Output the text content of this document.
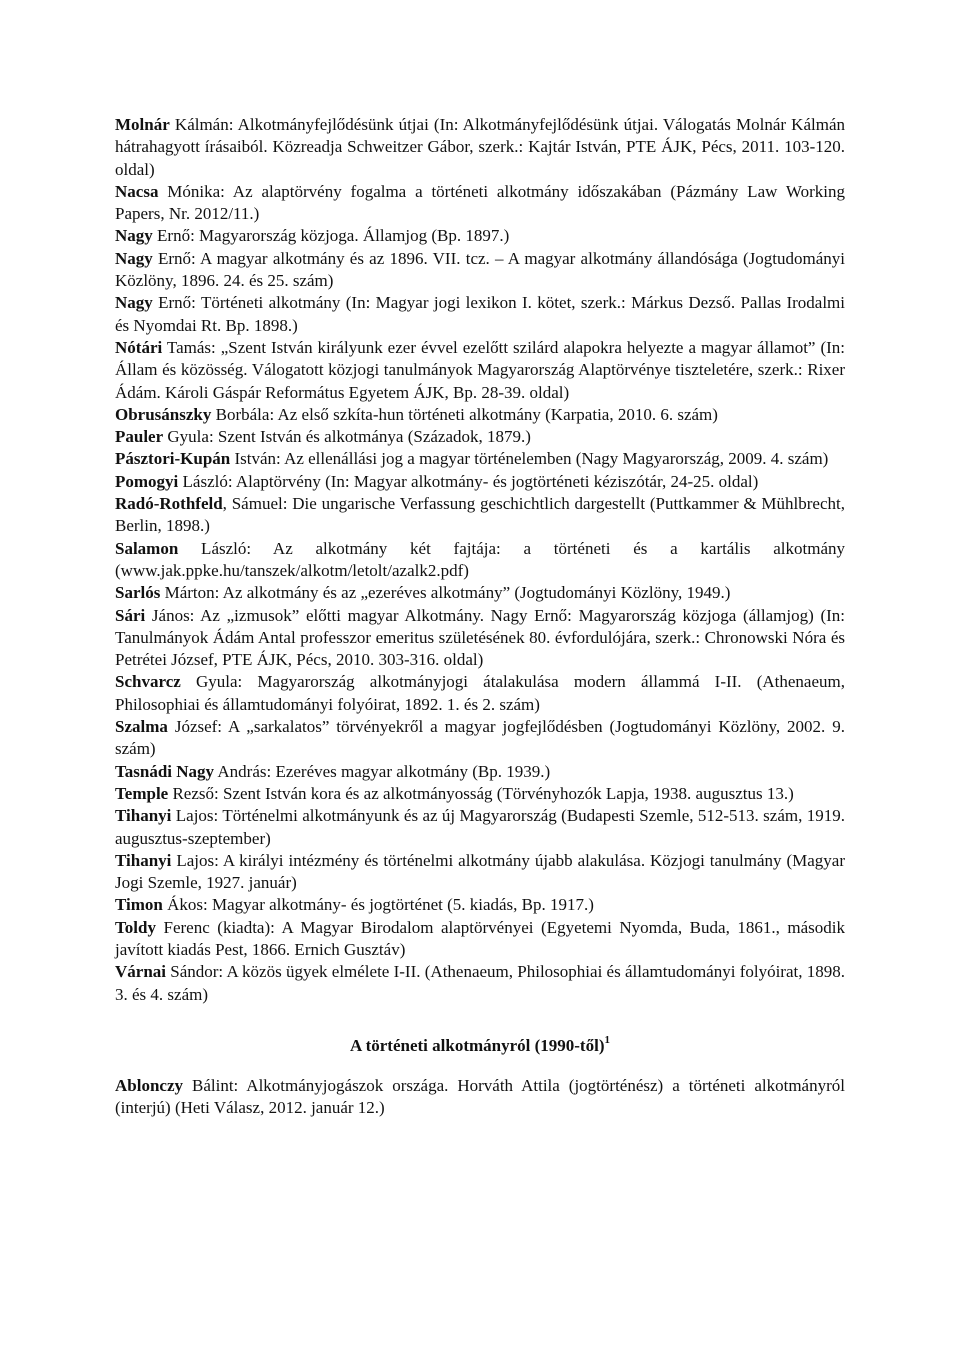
Molnár Kálmán: Alkotmányfejlődésünk útjai (In: Alkotmányfejlődésünk útjai. Válogatás Molnár Kálmán hátrahagyott írásaiból. Közreadja Schweitzer Gábor, szerk.: Kajtár István, PTE ÁJK, Pécs, 2011. 103-120. oldal)

Nacsa Mónika: Az alaptörvény fogalma a történeti alkotmány időszakában (Pázmány Law Working Papers, Nr. 2012/11.)

Nagy Ernő: Magyarország közjoga. Államjog (Bp. 1897.)

Nagy Ernő: A magyar alkotmány és az 1896. VII. tcz. – A magyar alkotmány állandósága (Jogtudományi Közlöny, 1896. 24. és 25. szám)

Nagy Ernő: Történeti alkotmány (In: Magyar jogi lexikon I. kötet, szerk.: Márkus Dezső. Pallas Irodalmi és Nyomdai Rt. Bp. 1898.)

Nótári Tamás: „Szent István királyunk ezer évvel ezelőtt szilárd alapokra helyezte a magyar államot” (In: Állam és közösség. Válogatott közjogi tanulmányok Magyarország Alaptörvénye tiszteletére, szerk.: Rixer Ádám. Károli Gáspár Református Egyetem ÁJK, Bp. 28-39. oldal)

Obrusánszky Borbála: Az első szkíta-hun történeti alkotmány (Karpatia, 2010. 6. szám)

Pauler Gyula: Szent István és alkotmánya (Századok, 1879.)

Pásztori-Kupán István: Az ellenállási jog a magyar történelemben (Nagy Magyarország, 2009. 4. szám)

Pomogyi László: Alaptörvény (In: Magyar alkotmány- és jogtörténeti kéziszótár, 24-25. oldal)

Radó-Rothfeld, Sámuel: Die ungarische Verfassung geschichtlich dargestellt (Puttkammer & Mühlbrecht, Berlin, 1898.)

Salamon László: Az alkotmány két fajtája: a történeti és a kartális alkotmány (www.jak.ppke.hu/tanszek/alkotm/letolt/azalk2.pdf)

Sarlós Márton: Az alkotmány és az „ezeréves alkotmány” (Jogtudományi Közlöny, 1949.)

Sári János: Az „izmusok” előtti magyar Alkotmány. Nagy Ernő: Magyarország közjoga (államjog) (In: Tanulmányok Ádám Antal professzor emeritus születésének 80. évfordulójára, szerk.: Chronowski Nóra és Petrétei József, PTE ÁJK, Pécs, 2010. 303-316. oldal)

Schvarcz Gyula: Magyarország alkotmányjogi átalakulása modern állammá I-II. (Athenaeum, Philosophiai és államtudományi folyóirat, 1892. 1. és 2. szám)

Szalma József: A „sarkalatos” törvényekről a magyar jogfejlődésben (Jogtudományi Közlöny, 2002. 9. szám)

Tasnádi Nagy András: Ezeréves magyar alkotmány (Bp. 1939.)

Temple Rezső: Szent István kora és az alkotmányosság (Törvényhozók Lapja, 1938. augusztus 13.)

Tihanyi Lajos: Történelmi alkotmányunk és az új Magyarország (Budapesti Szemle, 512-513. szám, 1919. augusztus-szeptember)

Tihanyi Lajos: A királyi intézmény és történelmi alkotmány újabb alakulása. Közjogi tanulmány (Magyar Jogi Szemle, 1927. január)

Timon Ákos: Magyar alkotmány- és jogtörténet (5. kiadás, Bp. 1917.)

Toldy Ferenc (kiadta): A Magyar Birodalom alaptörvényei (Egyetemi Nyomda, Buda, 1861., második javított kiadás Pest, 1866. Ernich Gusztáv)

Várnai Sándor: A közös ügyek elmélete I-II. (Athenaeum, Philosophiai és államtudományi folyóirat, 1898. 3. és 4. szám)

A történeti alkotmányról (1990-től)$^1$

Ablonczy Bálint: Alkotmányjogászok országa. Horváth Attila (jogtörténész) a történeti alkotmányról (interjú) (Heti Válasz, 2012. január 12.)
